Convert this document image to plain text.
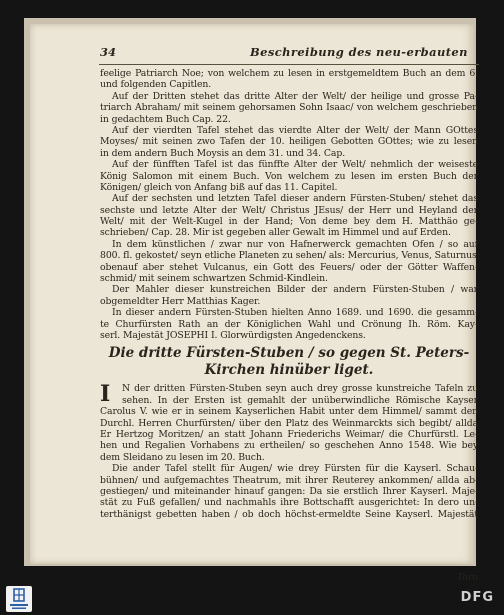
34	Beschreibung des neu-erbauten
feelige Patriarch Noe; von welchem zu lesen in erstgemeldtem Buch an dem 6.
und folgenden Capitlen.
Auf der Dritten stehet das dritte Alter der Welt/ der heilige und grosse Pa-
triarch Abraham/ mit seinem gehorsamen Sohn Isaac/ von welchem geschrieben
in gedachtem Buch Cap. 22.
Auf der vierdten Tafel stehet das vierdte Alter der Welt/ der Mann GOttes
Moyses/ mit seinen zwo Tafen der 10. heiligen Gebotten GOttes; wie zu lesen
in dem andern Buch Moysis an dem 31. und 34. Cap.
Auf der fünfften Tafel ist das fünffte Alter der Welt/ nehmlich der weiseste
König Salomon mit einem Buch. Von welchem zu lesen im ersten Buch der
Königen/ gleich von Anfang biß auf das 11. Capitel.
Auf der sechsten und letzten Tafel dieser andern Fürsten-Stuben/ stehet das
sechste und letzte Alter der Welt/ Christus JEsus/ der Herr und Heyland der
Welt/ mit der Welt-Kugel in der Hand; Von deme bey dem H. Matthäo ge-
schrieben/ Cap. 28. Mir ist gegeben aller Gewalt im Himmel und auf Erden.
In dem künstlichen / zwar nur von Hafnerwerck gemachten Ofen / so auf
800. fl. gekostet/ seyn etliche Planeten zu sehen/ als: Mercurius, Venus, Saturnus;
obenauf aber stehet Vulcanus, ein Gott des Feuers/ oder der Götter Waffen-
schmid/ mit seinem schwartzen Schmid-Kindlein.
Der Mahler dieser kunstreichen Bilder der andern Fürsten-Stuben / war
obgemeldter Herr Matthias Kager.
In dieser andern Fürsten-Stuben hielten Anno 1689. und 1690. die gesamm-
te Churfürsten Rath an der Königlichen Wahl und Crönung Ih. Röm. Kay-
serl. Majestät JOSEPHI I. Glorwürdigsten Angedenckens.
Die dritte Fürsten-Stuben / so gegen St. Peters-
Kirchen hinüber liget.
I	N der dritten Fürsten-Stuben seyn auch drey grosse kunstreiche Tafeln zu
sehen. In der Ersten ist gemahlt der unüberwindliche Römische Kayser
Carolus V. wie er in seinem Kayserlichen Habit unter dem Himmel/ sammt den
Durchl. Herren Churfürsten/ über den Platz des Weinmarckts sich begibt/ allda
Er Hertzog Moritzen/ an statt Johann Friederichs Weimar/ die Churfürstl. Le-
hen und Regalien Vorhabens zu ertheilen/ so geschehen Anno 1548. Wie bey
dem Sleidano zu lesen im 20. Buch.
Die ander Tafel stellt für Augen/ wie drey Fürsten für die Kayserl. Schau-
bühnen/ und aufgemachtes Theatrum, mit ihrer Reuterey ankommen/ allda ab-
gestiegen/ und miteinander hinauf gangen: Da sie erstlich Ihrer Kayserl. Maje-
stät zu Fuß gefallen/ und nachmahls ihre Bottschafft ausgerichtet: In dero un-
terthänigst gebetten haben / ob doch höchst-ermeldte Seine Kayserl. Majestät
Ihro
DFG
